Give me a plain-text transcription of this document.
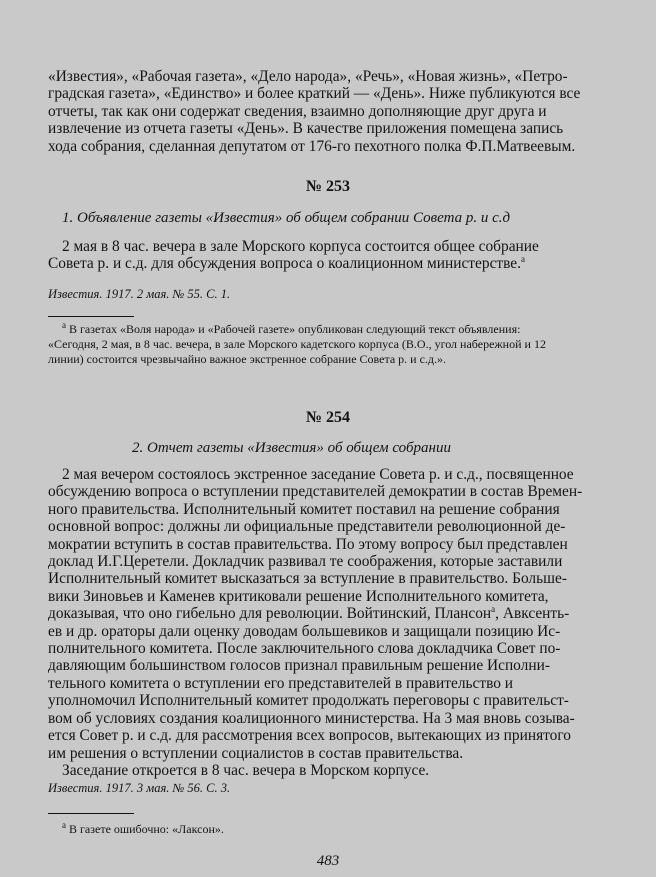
«Известия», «Рабочая газета», «Дело народа», «Речь», «Новая жизнь», «Петро-

градская газета», «Единство» и более краткий — «День». Ниже публикуются все

отчеты, так как они содержат сведения, взаимно дополняющие друг друга и

извлечение из отчета газеты «День». В качестве приложения помещена запись

хода собрания, сделанная депутатом от 176-го пехотного полка Ф.П.Матвеевым.

№ 253
1. Объявление газеты «Известия» об общем собрании Совета р. и с.д

2 мая в 8 час. вечера в зале Морского корпуса состоится общее собрание

Совета р. и с.д. для обсуждения вопроса о коалиционном министерстве.$^a$

Известия. 1917. 2 мая. № 55. С. 1.

$^а$ В газетах «Воля народа» и «Рабочей газете» опубликован следующий текст объявления:

«Сегодня, 2 мая, в 8 час. вечера, в зале Морского кадетского корпуса (В.О., угол набережной и 12

линии) состоится чрезвычайно важное экстренное собрание Совета р. и с.д.».

№ 254
2. Отчет газеты «Известия» об общем собрании

2 мая вечером состоялось экстренное заседание Совета р. и с.д., посвященное

обсуждению вопроса о вступлении представителей демократии в состав Времен-

ного правительства. Исполнительный комитет поставил на решение собрания

основной вопрос: должны ли официальные представители революционной де-

мократии вступить в состав правительства. По этому вопросу был представлен

доклад И.Г.Церетели. Докладчик развивал те соображения, которые заставили

Исполнительный комитет высказаться за вступление в правительство. Больше-

вики Зиновьев и Каменев критиковали решение Исполнительного комитета,

доказывая, что оно гибельно для революции. Войтинский, Плансон$^a$, Авксенть-

ев и др. ораторы дали оценку доводам большевиков и защищали позицию Ис-

полнительного комитета. После заключительного слова докладчика Совет по-

давляющим большинством голосов признал правильным решение Исполни-

тельного комитета о вступлении его представителей в правительство и

уполномочил Исполнительный комитет продолжать переговоры с правительст-

вом об условиях создания коалиционного министерства. На 3 мая вновь созыва-

ется Совет р. и с.д. для рассмотрения всех вопросов, вытекающих из принятого

им решения о вступлении социалистов в состав правительства.

Заседание откроется в 8 час. вечера в Морском корпусе.

Известия. 1917. 3 мая. № 56. С. 3.

$^а$ В газете ошибочно: «Лаксон».

483
